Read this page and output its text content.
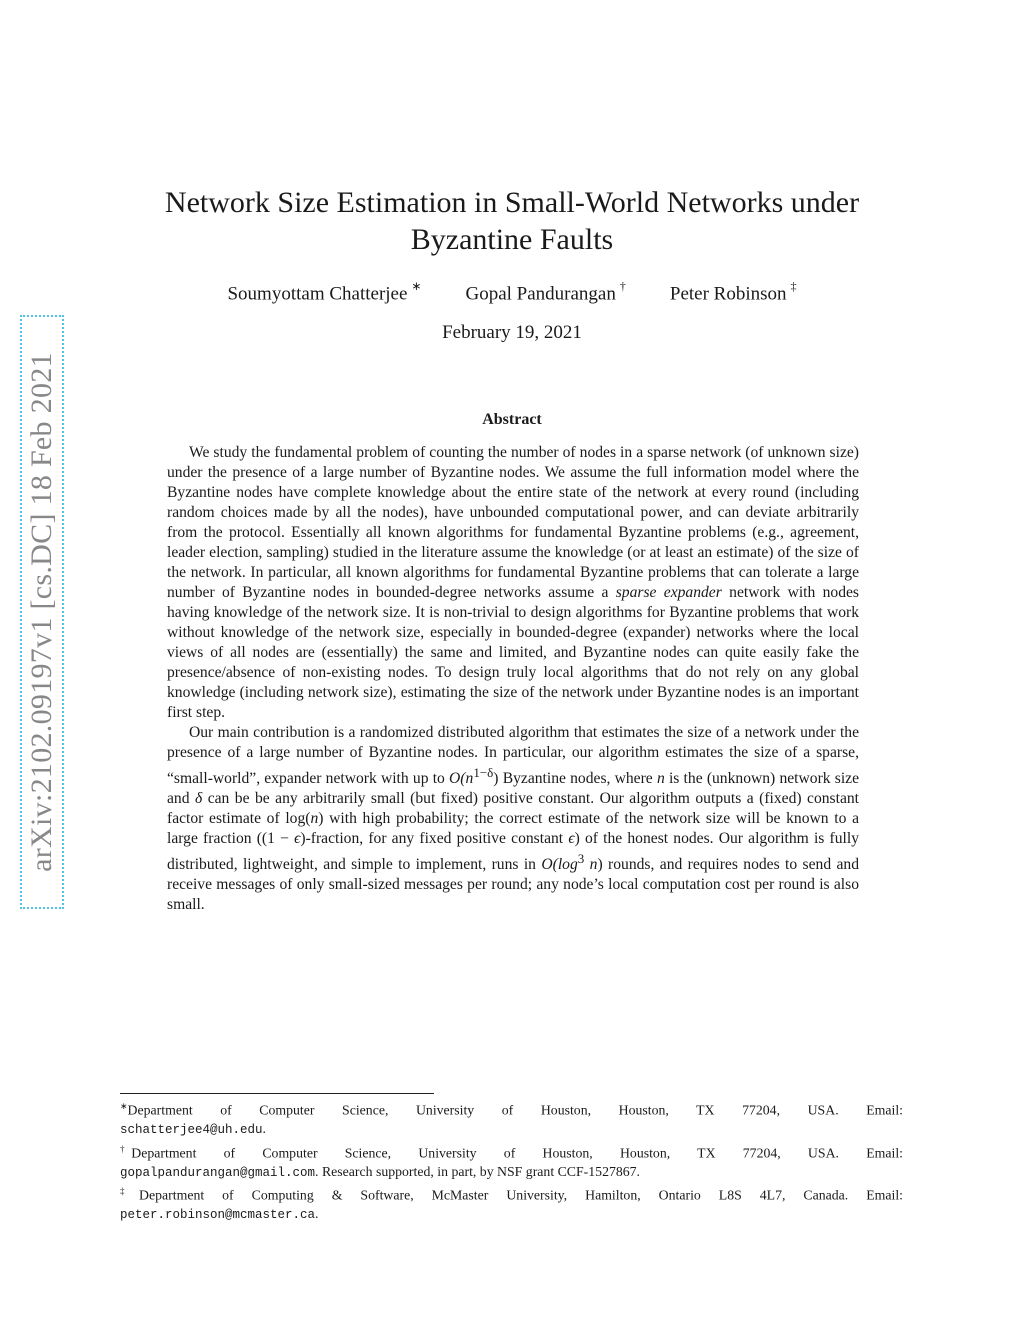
arXiv:2102.09197v1 [cs.DC] 18 Feb 2021
Network Size Estimation in Small-World Networks under Byzantine Faults
Soumyottam Chatterjee ∗ Gopal Pandurangan † Peter Robinson ‡
February 19, 2021
Abstract

We study the fundamental problem of counting the number of nodes in a sparse network (of unknown size) under the presence of a large number of Byzantine nodes. We assume the full information model where the Byzantine nodes have complete knowledge about the entire state of the network at every round (including random choices made by all the nodes), have unbounded computational power, and can deviate arbitrarily from the protocol. Essentially all known algorithms for fundamental Byzantine problems (e.g., agreement, leader election, sampling) studied in the literature assume the knowledge (or at least an estimate) of the size of the network. In particular, all known algorithms for fundamental Byzantine problems that can tolerate a large number of Byzantine nodes in bounded-degree networks assume a sparse expander network with nodes having knowledge of the network size. It is non-trivial to design algorithms for Byzantine problems that work without knowledge of the network size, especially in bounded-degree (expander) networks where the local views of all nodes are (essentially) the same and limited, and Byzantine nodes can quite easily fake the presence/absence of non-existing nodes. To design truly local algorithms that do not rely on any global knowledge (including network size), estimating the size of the network under Byzantine nodes is an important first step.

Our main contribution is a randomized distributed algorithm that estimates the size of a network under the presence of a large number of Byzantine nodes. In particular, our algorithm estimates the size of a sparse, “small-world”, expander network with up to $O(n^{1-\delta})$ Byzantine nodes, where n is the (unknown) network size and δ can be be any arbitrarily small (but fixed) positive constant. Our algorithm outputs a (fixed) constant factor estimate of log(n) with high probability; the correct estimate of the network size will be known to a large fraction ((1 − ϵ)-fraction, for any fixed positive constant ϵ) of the honest nodes. Our algorithm is fully distributed, lightweight, and simple to implement, runs in $O(\log^3$ n) rounds, and requires nodes to send and receive messages of only small-sized messages per round; any node’s local computation cost per round is also small.

∗Department of Computer Science, University of Houston, Houston, TX 77204, USA. Email: schatterjee4@uh.edu.

†Department of Computer Science, University of Houston, Houston, TX 77204, USA. Email: gopalpandurangan@gmail.com. Research supported, in part, by NSF grant CCF-1527867.

‡Department of Computing & Software, McMaster University, Hamilton, Ontario L8S 4L7, Canada. Email: peter.robinson@mcmaster.ca.
